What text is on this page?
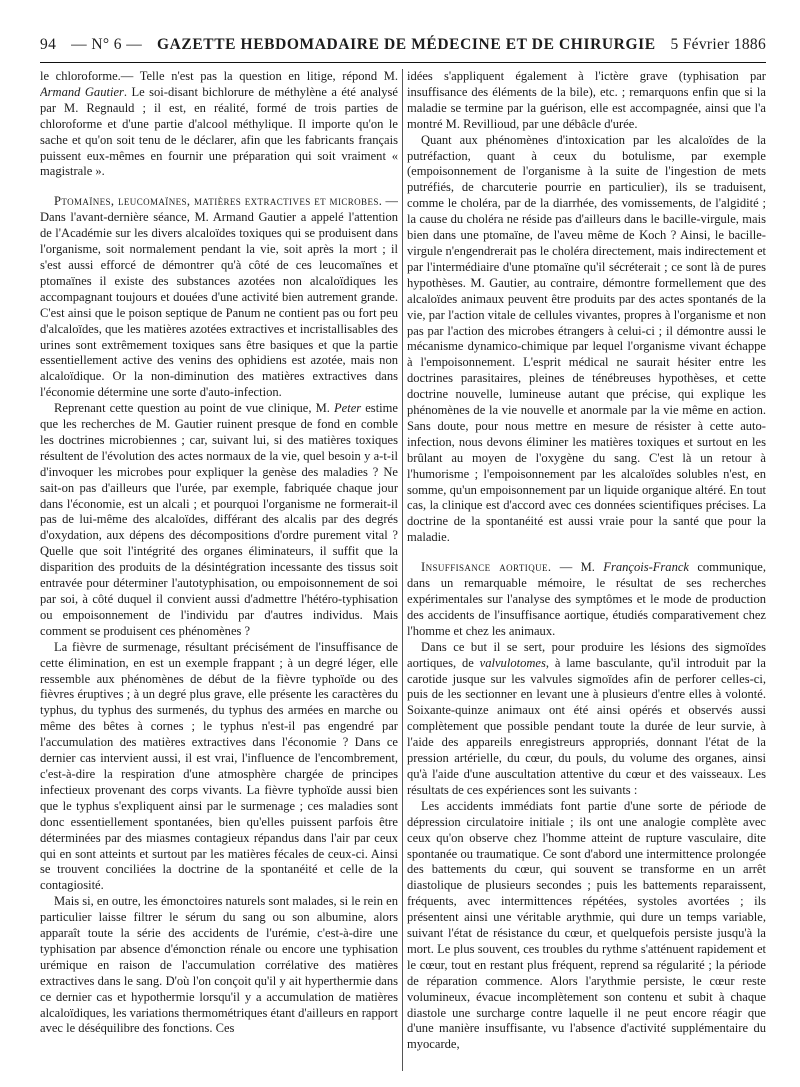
94 — N° 6 — GAZETTE HEBDOMADAIRE DE MÉDECINE ET DE CHIRURGIE 5 Février 1886

le chloroforme.— Telle n'est pas la question en litige, répond M. Armand Gautier. Le soi-disant bichlorure de méthylène a été analysé par M. Regnauld ; il est, en réalité, formé de trois parties de chloroforme et d'une partie d'alcool méthylique. Il importe qu'on le sache et qu'on soit tenu de le déclarer, afin que les fabricants français puissent eux-mêmes en fournir une préparation qui soit vraiment « magistrale ».

Ptomaïnes, leucomaïnes, matières extractives et microbes. — Dans l'avant-dernière séance, M. Armand Gautier a appelé l'attention de l'Académie sur les divers alcaloïdes toxiques qui se produisent dans l'organisme, soit normalement pendant la vie, soit après la mort ; il s'est aussi efforcé de démontrer qu'à côté de ces leucomaïnes et ptomaïnes il existe des substances azotées non alcaloïdiques les accompagnant toujours et douées d'une activité bien autrement grande. C'est ainsi que le poison septique de Panum ne contient pas ou fort peu d'alcaloïdes, que les matières azotées extractives et incristallisables des urines sont extrêmement toxiques sans être basiques et que la partie essentiellement active des venins des ophidiens est azotée, mais non alcaloïdique. Or la non-diminution des matières extractives dans l'économie détermine une sorte d'auto-infection.

Reprenant cette question au point de vue clinique, M. Peter estime que les recherches de M. Gautier ruinent presque de fond en comble les doctrines microbiennes ; car, suivant lui, si des matières toxiques résultent de l'évolution des actes normaux de la vie, quel besoin y a-t-il d'invoquer les microbes pour expliquer la genèse des maladies ? Ne sait-on pas d'ailleurs que l'urée, par exemple, fabriquée chaque jour dans l'économie, est un alcali ; et pourquoi l'organisme ne formerait-il pas de lui-même des alcaloïdes, différant des alcalis par des degrés d'oxydation, aux dépens des décompositions d'ordre purement vital ? Quelle que soit l'intégrité des organes éliminateurs, il suffit que la disparition des produits de la désintégration incessante des tissus soit entravée pour déterminer l'autotyphisation, ou empoisonnement de soi par soi, à côté duquel il convient aussi d'admettre l'hétéro-typhisation ou empoisonnement de l'individu par d'autres individus. Mais comment se produisent ces phénomènes ?

La fièvre de surmenage, résultant précisément de l'insuffisance de cette élimination, en est un exemple frappant ; à un degré léger, elle ressemble aux phénomènes de début de la fièvre typhoïde ou des fièvres éruptives ; à un degré plus grave, elle présente les caractères du typhus, du typhus des surmenés, du typhus des armées en marche ou même des bêtes à cornes ; le typhus n'est-il pas engendré par l'accumulation des matières extractives dans l'économie ? Dans ce dernier cas intervient aussi, il est vrai, l'influence de l'encombrement, c'est-à-dire la respiration d'une atmosphère chargée de principes infectieux provenant des corps vivants. La fièvre typhoïde aussi bien que le typhus s'expliquent ainsi par le surmenage ; ces maladies sont donc essentiellement spontanées, bien qu'elles puissent parfois être déterminées par des miasmes contagieux répandus dans l'air par ceux qui en sont atteints et surtout par les matières fécales de ceux-ci. Ainsi se trouvent conciliées la doctrine de la spontanéité et celle de la contagiosité.

Mais si, en outre, les émonctoires naturels sont malades, si le rein en particulier laisse filtrer le sérum du sang ou son albumine, alors apparaît toute la série des accidents de l'urémie, c'est-à-dire une typhisation par absence d'émonction rénale ou encore une typhisation urémique en raison de l'accumulation corrélative des matières extractives dans le sang. D'où l'on conçoit qu'il y ait hyperthermie dans ce dernier cas et hypothermie lorsqu'il y a accumulation de matières alcaloïdiques, les variations thermométriques étant d'ailleurs en rapport avec le déséquilibre des fonctions. Ces

idées s'appliquent également à l'ictère grave (typhisation par insuffisance des éléments de la bile), etc. ; remarquons enfin que si la maladie se termine par la guérison, elle est accompagnée, ainsi que l'a montré M. Revillioud, par une débâcle d'urée.

Quant aux phénomènes d'intoxication par les alcaloïdes de la putréfaction, quant à ceux du botulisme, par exemple (empoisonnement de l'organisme à la suite de l'ingestion de mets putréfiés, de charcuterie pourrie en particulier), ils se traduisent, comme le choléra, par de la diarrhée, des vomissements, de l'algidité ; la cause du choléra ne réside pas d'ailleurs dans le bacille-virgule, mais bien dans une ptomaïne, de l'aveu même de Koch ? Ainsi, le bacille-virgule n'engendrerait pas le choléra directement, mais indirectement et par l'intermédiaire d'une ptomaïne qu'il sécréterait ; ce sont là de pures hypothèses. M. Gautier, au contraire, démontre formellement que des alcaloïdes animaux peuvent être produits par des actes spontanés de la vie, par l'action vitale de cellules vivantes, propres à l'organisme et non pas par l'action des microbes étrangers à celui-ci ; il démontre aussi le mécanisme dynamico-chimique par lequel l'organisme vivant échappe à l'empoisonnement. L'esprit médical ne saurait hésiter entre les doctrines parasitaires, pleines de ténébreuses hypothèses, et cette doctrine nouvelle, lumineuse autant que précise, qui explique les phénomènes de la vie nouvelle et anormale par la vie même en action. Sans doute, pour nous mettre en mesure de résister à cette auto-infection, nous devons éliminer les matières toxiques et surtout en les brûlant au moyen de l'oxygène du sang. C'est là un retour à l'humorisme ; l'empoisonnement par les alcaloïdes solubles n'est, en somme, qu'un empoisonnement par un liquide organique altéré. En tout cas, la clinique est d'accord avec ces données scientifiques précises. La doctrine de la spontanéité est aussi vraie pour la santé que pour la maladie.

Insuffisance aortique. — M. François-Franck communique, dans un remarquable mémoire, le résultat de ses recherches expérimentales sur l'analyse des symptômes et le mode de production des accidents de l'insuffisance aortique, étudiés comparativement chez l'homme et chez les animaux.

Dans ce but il se sert, pour produire les lésions des sigmoïdes aortiques, de valvulotomes, à lame basculante, qu'il introduit par la carotide jusque sur les valvules sigmoïdes afin de perforer celles-ci, puis de les sectionner en levant une à plusieurs d'entre elles à volonté. Soixante-quinze animaux ont été ainsi opérés et observés aussi complètement que possible pendant toute la durée de leur survie, à l'aide des appareils enregistreurs appropriés, donnant l'état de la pression artérielle, du cœur, du pouls, du volume des organes, ainsi qu'à l'aide d'une auscultation attentive du cœur et des vaisseaux. Les résultats de ces expériences sont les suivants :

Les accidents immédiats font partie d'une sorte de période de dépression circulatoire initiale ; ils ont une analogie complète avec ceux qu'on observe chez l'homme atteint de rupture vasculaire, dite spontanée ou traumatique. Ce sont d'abord une intermittence prolongée des battements du cœur, qui souvent se transforme en un arrêt diastolique de plusieurs secondes ; puis les battements reparaissent, fréquents, avec intermittences répétées, systoles avortées ; ils présentent ainsi une véritable arythmie, qui dure un temps variable, suivant l'état de résistance du cœur, et quelquefois persiste jusqu'à la mort. Le plus souvent, ces troubles du rythme s'atténuent rapidement et le cœur, tout en restant plus fréquent, reprend sa régularité ; la période de réparation commence. Alors l'arythmie persiste, le cœur reste volumineux, évacue incomplètement son contenu et subit à chaque diastole une surcharge contre laquelle il ne peut encore réagir que d'une manière insuffisante, vu l'absence d'activité supplémentaire du myocarde,
